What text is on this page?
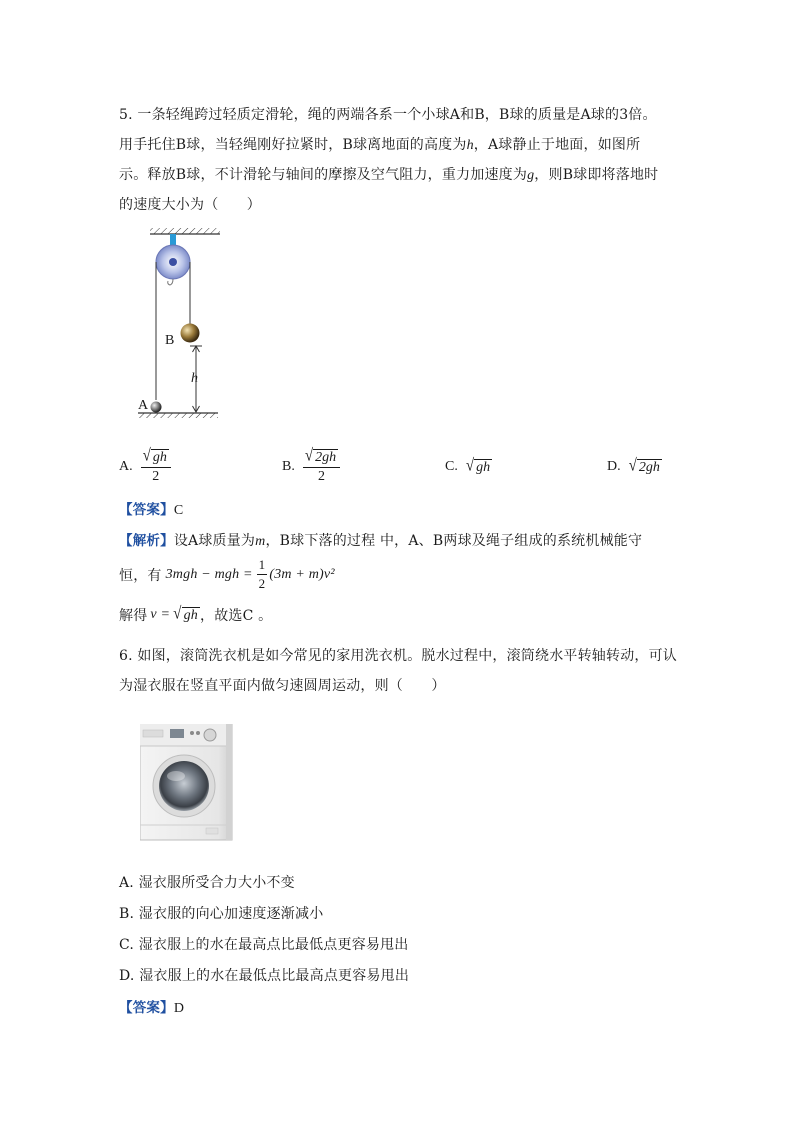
5. 一条轻绳跨过轻质定滑轮，绳的两端各系一个小球A和B，B球的质量是A球的3倍。
用手托住B球，当轻绳刚好拉紧时，B球离地面的高度为h，A球静止于地面，如图所
示。释放B球，不计滑轮与轴间的摩擦及空气阻力，重力加速度为g，则B球即将落地时
的速度大小为（　　）
B
h
A
A. $\frac{√ gh}{2}$	B. $\frac{√ 2gh}{2}$	C. √ gh	D. √ 2gh
【答案】C
【解析】设A球质量为m，B球下落的过程 中，A、B两球及绳子组成的系统机械能守
恒，有 3mgh − mgh = $\frac{1}{2} (3m + m)v^2$
解得 v = √ gh ，故选C 。
6. 如图，滚筒洗衣机是如今常见的家用洗衣机。脱水过程中，滚筒绕水平转轴转动，可认
为湿衣服在竖直平面内做匀速圆周运动，则（　　）
A. 湿衣服所受合力大小不变
B. 湿衣服的向心加速度逐渐减小
C. 湿衣服上的水在最高点比最低点更容易甩出
D. 湿衣服上的水在最低点比最高点更容易甩出
【答案】D
